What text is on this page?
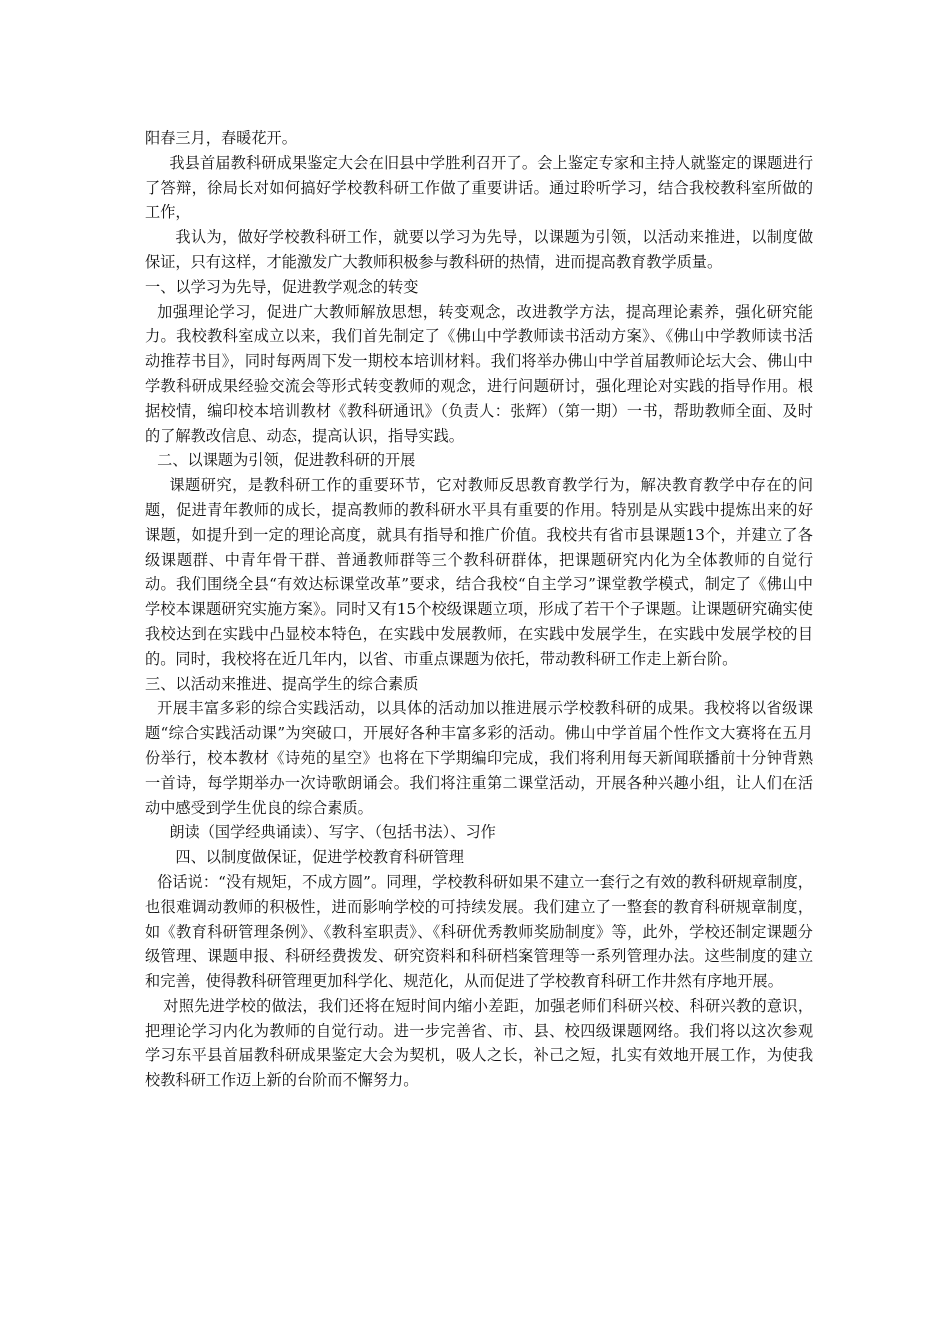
阳春三月，春暖花开。

我县首届教科研成果鉴定大会在旧县中学胜利召开了。会上鉴定专家和主持人就鉴定的课题进行了答辩，徐局长对如何搞好学校教科研工作做了重要讲话。通过聆听学习，结合我校教科室所做的工作，

我认为，做好学校教科研工作，就要以学习为先导，以课题为引领，以活动来推进，以制度做保证，只有这样，才能激发广大教师积极参与教科研的热情，进而提高教育教学质量。

一、以学习为先导，促进教学观念的转变

加强理论学习，促进广大教师解放思想，转变观念，改进教学方法，提高理论素养，强化研究能力。我校教科室成立以来，我们首先制定了《佛山中学教师读书活动方案》、《佛山中学教师读书活动推荐书目》，同时每两周下发一期校本培训材料。我们将举办佛山中学首届教师论坛大会、佛山中学教科研成果经验交流会等形式转变教师的观念，进行问题研讨，强化理论对实践的指导作用。根据校情，编印校本培训教材《教科研通讯》（负责人：张辉）（第一期）一书，帮助教师全面、及时的了解教改信息、动态，提高认识，指导实践。

二、以课题为引领，促进教科研的开展

课题研究，是教科研工作的重要环节，它对教师反思教育教学行为，解决教育教学中存在的问题，促进青年教师的成长，提高教师的教科研水平具有重要的作用。特别是从实践中提炼出来的好课题，如提升到一定的理论高度，就具有指导和推广价值。我校共有省市县课题13个，并建立了各级课题群、中青年骨干群、普通教师群等三个教科研群体，把课题研究内化为全体教师的自觉行动。我们围绕全县“有效达标课堂改革”要求，结合我校“自主学习”课堂教学模式，制定了《佛山中学校本课题研究实施方案》。同时又有15个校级课题立项，形成了若干个子课题。让课题研究确实使我校达到在实践中凸显校本特色，在实践中发展教师，在实践中发展学生，在实践中发展学校的目的。同时，我校将在近几年内，以省、市重点课题为依托，带动教科研工作走上新台阶。

三、以活动来推进、提高学生的综合素质

开展丰富多彩的综合实践活动，以具体的活动加以推进展示学校教科研的成果。我校将以省级课题“综合实践活动课”为突破口，开展好各种丰富多彩的活动。佛山中学首届个性作文大赛将在五月份举行，校本教材《诗苑的星空》也将在下学期编印完成，我们将利用每天新闻联播前十分钟背熟一首诗，每学期举办一次诗歌朗诵会。我们将注重第二课堂活动，开展各种兴趣小组，让人们在活动中感受到学生优良的综合素质。

朗读（国学经典诵读）、写字、（包括书法）、习作

四、以制度做保证，促进学校教育科研管理

俗话说：“没有规矩，不成方圆”。同理，学校教科研如果不建立一套行之有效的教科研规章制度，也很难调动教师的积极性，进而影响学校的可持续发展。我们建立了一整套的教育科研规章制度，如《教育科研管理条例》、《教科室职责》、《科研优秀教师奖励制度》等，此外，学校还制定课题分级管理、课题申报、科研经费拨发、研究资料和科研档案管理等一系列管理办法。这些制度的建立和完善，使得教科研管理更加科学化、规范化，从而促进了学校教育科研工作井然有序地开展。

对照先进学校的做法，我们还将在短时间内缩小差距，加强老师们科研兴校、科研兴教的意识，把理论学习内化为教师的自觉行动。进一步完善省、市、县、校四级课题网络。我们将以这次参观学习东平县首届教科研成果鉴定大会为契机，吸人之长，补己之短，扎实有效地开展工作，为使我校教科研工作迈上新的台阶而不懈努力。
